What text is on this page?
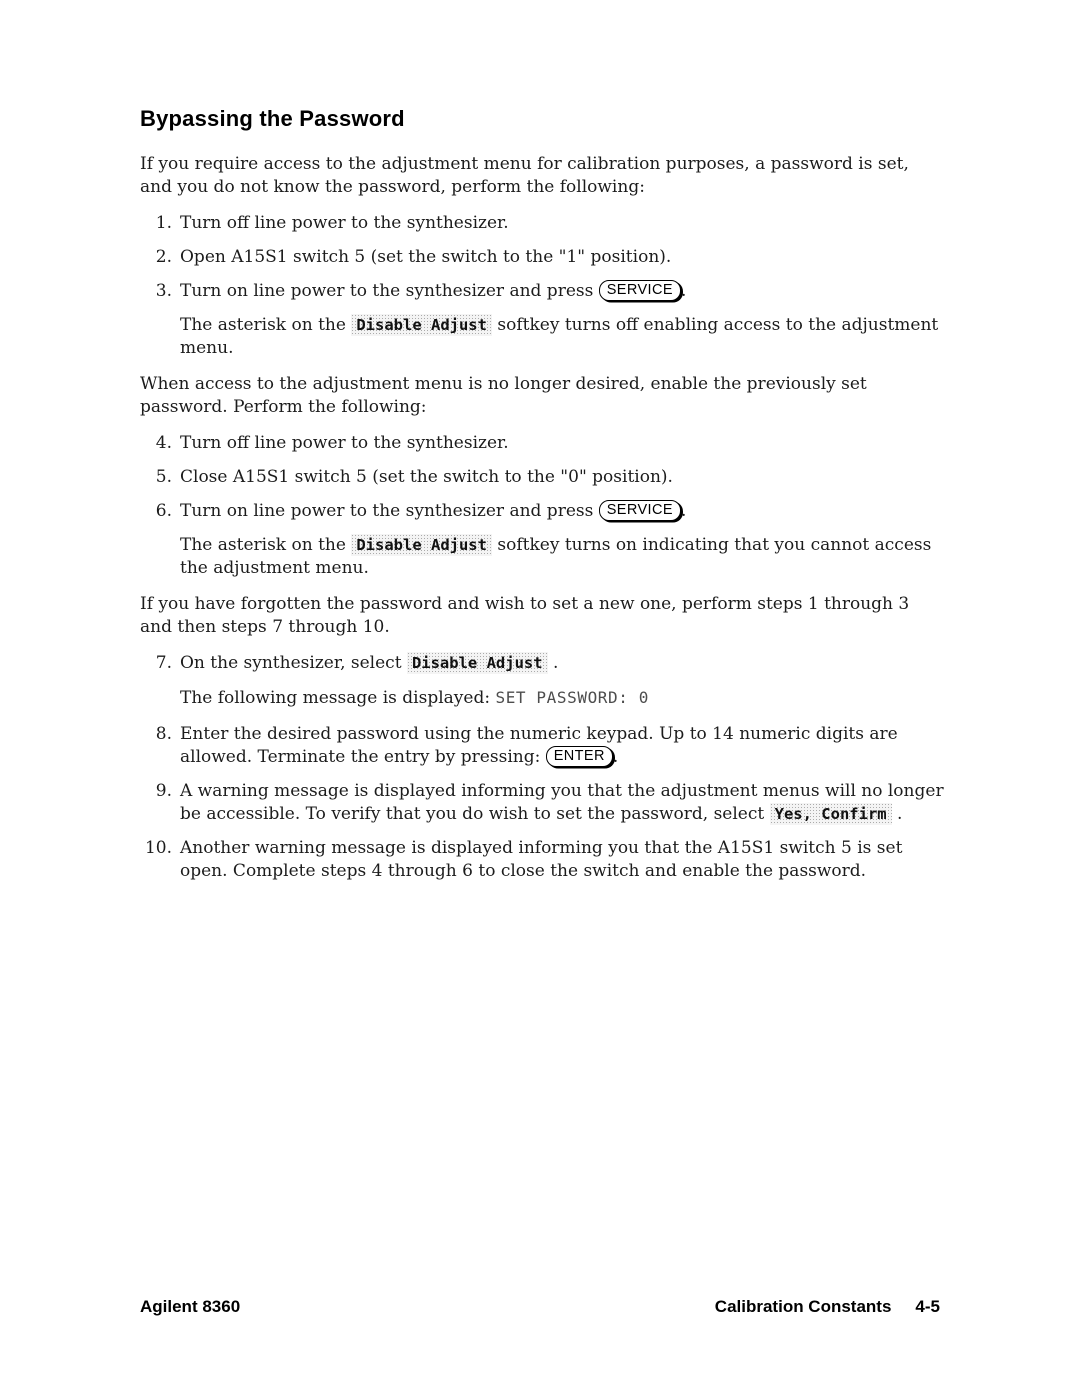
Bypassing the Password
If you require access to the adjustment menu for calibration purposes, a password is set, and you do not know the password, perform the following:
1. Turn off line power to the synthesizer.
2. Open A15S1 switch 5 (set the switch to the "1" position).
3. Turn on line power to the synthesizer and press SERVICE .
The asterisk on the Disable Adjust softkey turns off enabling access to the adjustment menu.
When access to the adjustment menu is no longer desired, enable the previously set password. Perform the following:
4. Turn off line power to the synthesizer.
5. Close A15S1 switch 5 (set the switch to the "0" position).
6. Turn on line power to the synthesizer and press SERVICE .
The asterisk on the Disable Adjust softkey turns on indicating that you cannot access the adjustment menu.
If you have forgotten the password and wish to set a new one, perform steps 1 through 3 and then steps 7 through 10.
7. On the synthesizer, select Disable Adjust .
The following message is displayed: SET PASSWORD: 0
8. Enter the desired password using the numeric keypad. Up to 14 numeric digits are allowed. Terminate the entry by pressing: ENTER .
9. A warning message is displayed informing you that the adjustment menus will no longer be accessible. To verify that you do wish to set the password, select Yes, Confirm .
10. Another warning message is displayed informing you that the A15S1 switch 5 is set open. Complete steps 4 through 6 to close the switch and enable the password.
Agilent 8360	Calibration Constants 4-5
